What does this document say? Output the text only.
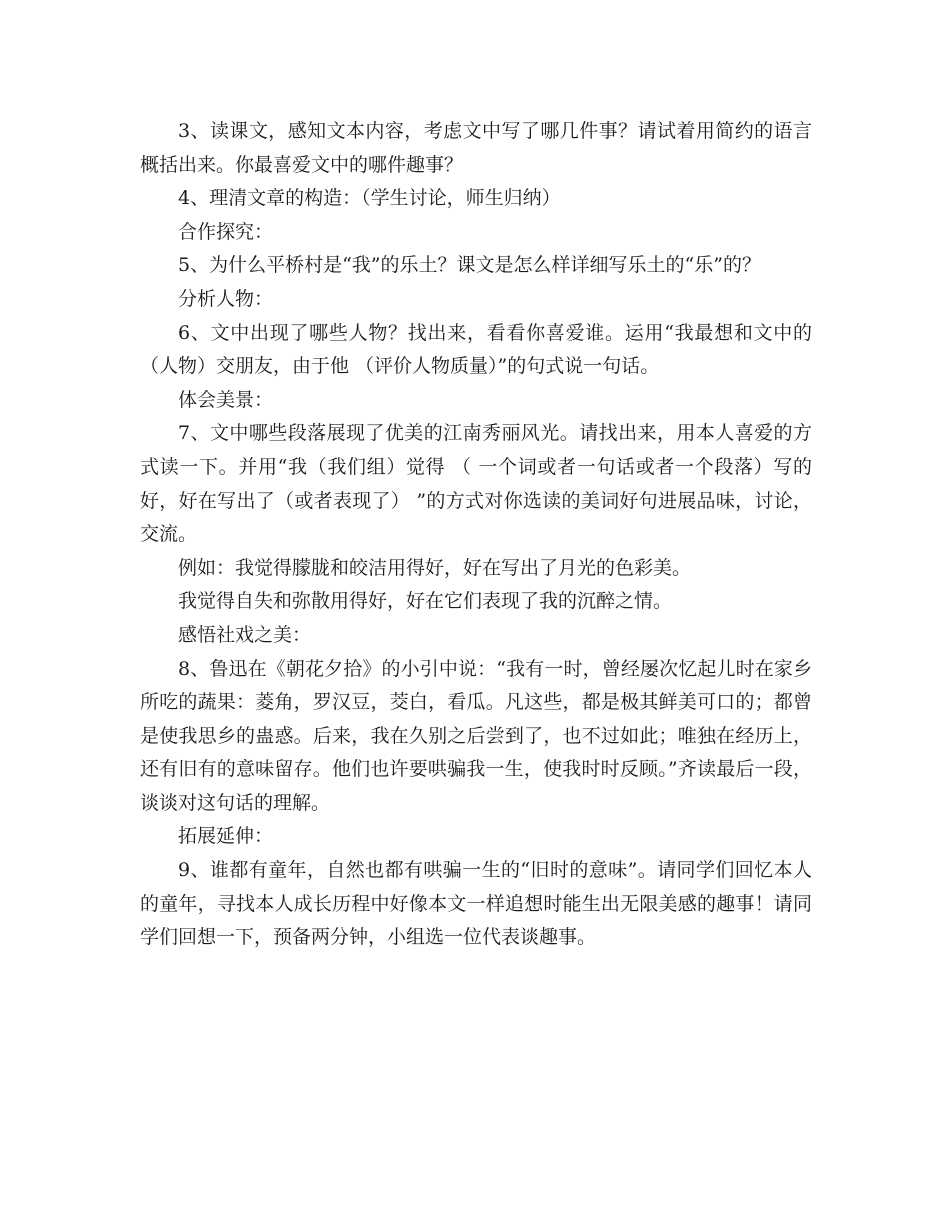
3、读课文，感知文本内容，考虑文中写了哪几件事？请试着用简约的语言概括出来。你最喜爱文中的哪件趣事？

4、理清文章的构造：（学生讨论，师生归纳）

合作探究：

5、为什么平桥村是“我”的乐土？课文是怎么样详细写乐土的“乐”的？

分析人物：

6、文中出现了哪些人物？找出来，看看你喜爱谁。运用“我最想和文中的 （人物）交朋友，由于他 （评价人物质量）”的句式说一句话。

体会美景：

7、文中哪些段落展现了优美的江南秀丽风光。请找出来，用本人喜爱的方式读一下。并用“我（我们组）觉得 （ 一个词或者一句话或者一个段落）写的好，好在写出了（或者表现了） ”的方式对你选读的美词好句进展品味，讨论，交流。

例如：我觉得朦胧和皎洁用得好，好在写出了月光的色彩美。

我觉得自失和弥散用得好，好在它们表现了我的沉醉之情。

感悟社戏之美：

8、鲁迅在《朝花夕拾》的小引中说：“我有一时，曾经屡次忆起儿时在家乡所吃的蔬果：菱角，罗汉豆，茭白，看瓜。凡这些，都是极其鲜美可口的；都曾是使我思乡的蛊惑。后来，我在久别之后尝到了，也不过如此；唯独在经历上，还有旧有的意味留存。他们也许要哄骗我一生，使我时时反顾。”齐读最后一段，谈谈对这句话的理解。

拓展延伸：

9、谁都有童年，自然也都有哄骗一生的“旧时的意味”。请同学们回忆本人的童年，寻找本人成长历程中好像本文一样追想时能生出无限美感的趣事！请同学们回想一下，预备两分钟，小组选一位代表谈趣事。
